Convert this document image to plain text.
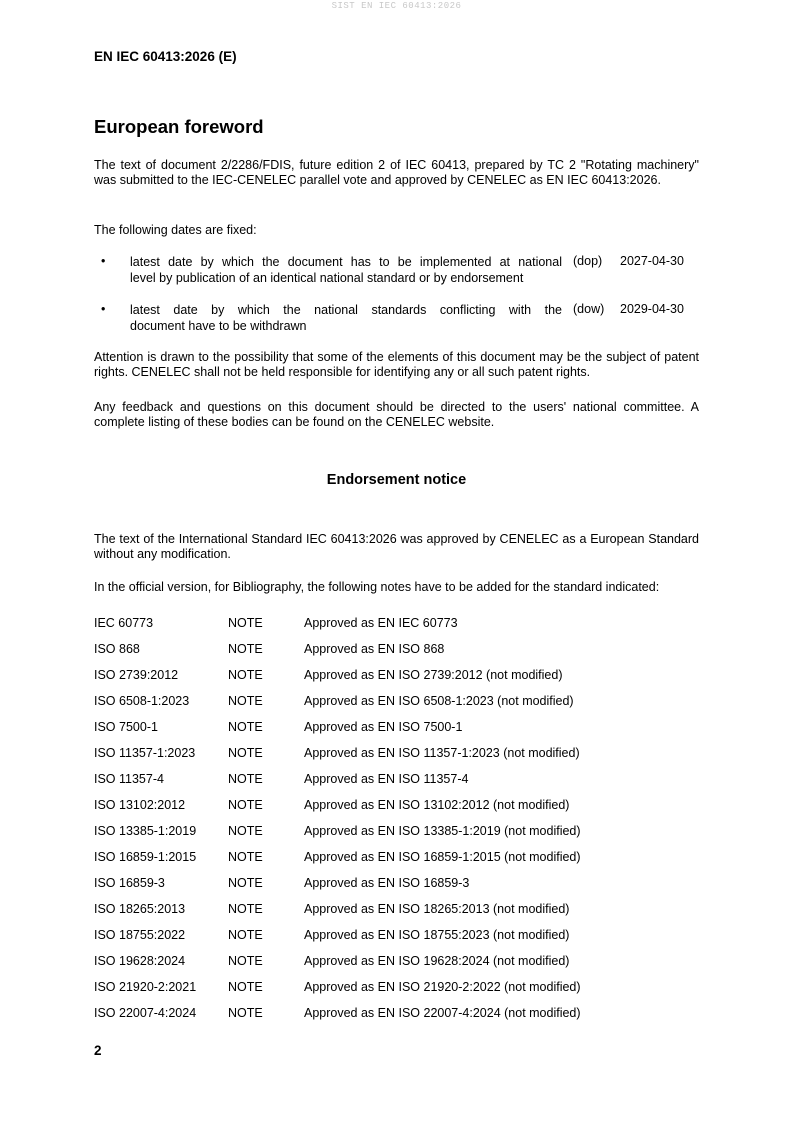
SIST EN IEC 60413:2026
EN IEC 60413:2026 (E)
European foreword
The text of document 2/2286/FDIS, future edition 2 of IEC 60413, prepared by TC 2 "Rotating machinery" was submitted to the IEC-CENELEC parallel vote and approved by CENELEC as EN IEC 60413:2026.
The following dates are fixed:
• latest date by which the document has to be implemented at national
level by publication of an identical national standard or by endorsement
(dop) 2027-04-30
• latest date by which the national standards conflicting with the
document have to be withdrawn
(dow) 2029-04-30
Attention is drawn to the possibility that some of the elements of this document may be the subject of patent rights. CENELEC shall not be held responsible for identifying any or all such patent rights.
Any feedback and questions on this document should be directed to the users' national committee. A complete listing of these bodies can be found on the CENELEC website.
Endorsement notice
The text of the International Standard IEC 60413:2026 was approved by CENELEC as a European Standard without any modification.
In the official version, for Bibliography, the following notes have to be added for the standard indicated:
IEC 60773	NOTE	Approved as EN IEC 60773
ISO 868	NOTE	Approved as EN ISO 868
ISO 2739:2012	NOTE	Approved as EN ISO 2739:2012 (not modified)
ISO 6508-1:2023	NOTE	Approved as EN ISO 6508-1:2023 (not modified)
ISO 7500-1	NOTE	Approved as EN ISO 7500-1
ISO 11357-1:2023	NOTE	Approved as EN ISO 11357-1:2023 (not modified)
ISO 11357-4	NOTE	Approved as EN ISO 11357-4
ISO 13102:2012	NOTE	Approved as EN ISO 13102:2012 (not modified)
ISO 13385-1:2019	NOTE	Approved as EN ISO 13385-1:2019 (not modified)
ISO 16859-1:2015	NOTE	Approved as EN ISO 16859-1:2015 (not modified)
ISO 16859-3	NOTE	Approved as EN ISO 16859-3
ISO 18265:2013	NOTE	Approved as EN ISO 18265:2013 (not modified)
ISO 18755:2022	NOTE	Approved as EN ISO 18755:2023 (not modified)
ISO 19628:2024	NOTE	Approved as EN ISO 19628:2024 (not modified)
ISO 21920-2:2021	NOTE	Approved as EN ISO 21920-2:2022 (not modified)
ISO 22007-4:2024	NOTE	Approved as EN ISO 22007-4:2024 (not modified)
2
